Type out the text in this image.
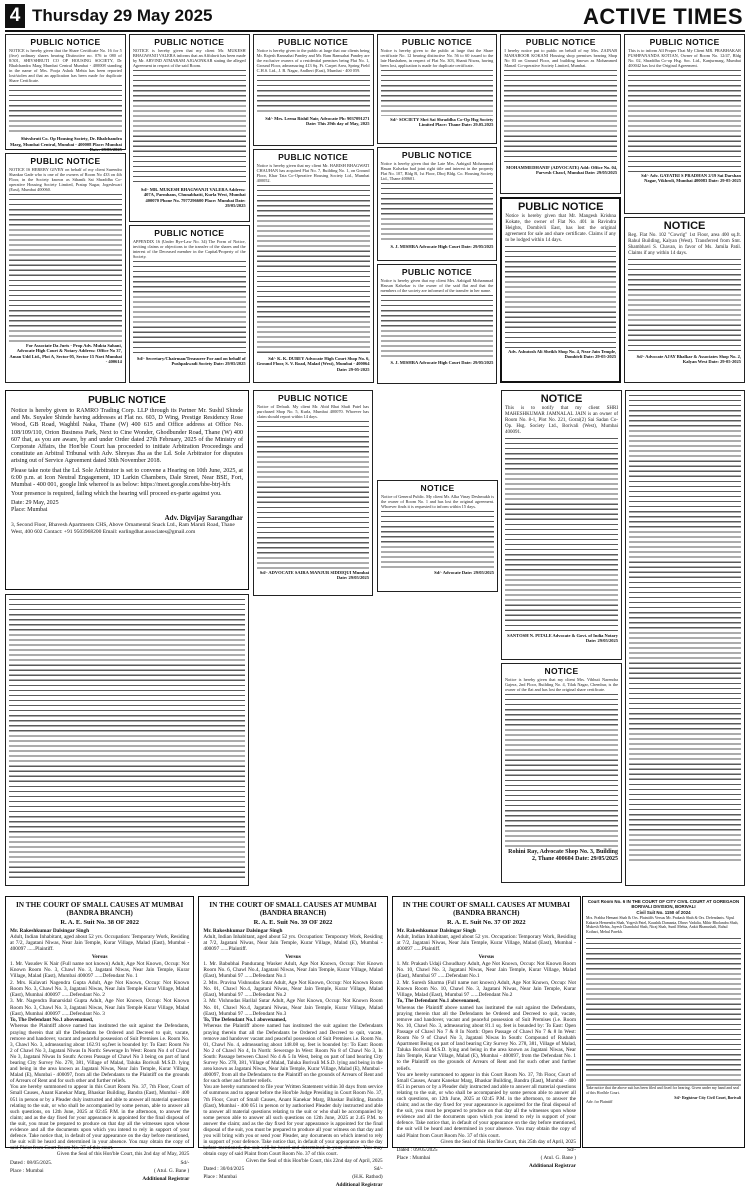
4 Thursday 29 May 2025	ACTIVE TIMES
PUBLIC NOTICE
NOTICE is hereby given that the Share Certificate No. 16 for 5 (five) ordinary shares bearing Distinctive no. 076 to 080 of 8/301, SHIVSHRUTI CO OP HOUSING SOCIETY, Dr Bhalchandra Marg Mumbai Central Mumbai - 400008 standing in the name of Mrs. Pooja Ashok Mehta has been reported lost/stolen and that an application has been made for duplicate Share Certificate.
Shivshruti Co. Op Housing Society, Dr. Bhalchandra Marg, Mumbai Central, Mumbai - 400008 Place: Mumbai Date: 29/05/2025
PUBLIC NOTICE
NOTICE IS HEREBY GIVEN on behalf of my client Surendra Shankar Gade who is one of the owners of Room No 433 on 4th Floor, in the Society known as Sthanik Sai Shraddha Co-operative Housing Society Limited, Pratap Nagar, Jogeshwari (East), Mumbai 400060.
For Associate Da Juris - Prop Adv. Mukta Sahani, Advocate High Court & Notary Address: Office No 37, Aman Udd Ltd., Plot A, Sector 05, Sector 15 Navi Mumbai - 400614
PUBLIC NOTICE
NOTICE is hereby given that my client Mr. MUKESH BHAGWANJI VALERA informs that an Affidavit has been made by Mr. ARVIND ATMARAM AJGAONKAR stating the alleged Agreement in respect of the said Room.
Sd/- MR. MUKESH BHAGWANJI VALERA Address: 407A, Parmhans, Chunabhatti, Kurla West, Mumbai 400070 Phone No. 7977296600 Place: Mumbai Date: 29/05/2025
PUBLIC NOTICE
APPENDIX 16 (Under Bye-Law No. 34) The Form of Notice, inviting claims or objections to the transfer of the shares and the interest of the Deceased member in the Capital/Property of the Society.
Sd/- Secretary/Chairman/Treasurer For and on behalf of Pushpakwadi Society Date: 29/05/2025
PUBLIC NOTICE
Notice is hereby given to the public at large that our clients being Mr. Rajesh Ramsahai Pandey and Mr. Ram Ramsahai Pandey are the exclusive owners of a residential premises being Flat No. 1, Ground Floor, admeasuring 413 Sq. Ft. Carpet Area, Spring Field C.H.S. Ltd., J. B. Nagar, Andheri (East), Mumbai - 400 059.
Sd/- Mrs. Leena Rishil Nair, Advocate Ph: 9037091271 Date: This 29th day of May, 2025
PUBLIC NOTICE
Notice is hereby given that my client Mr. HARISH BHAGWATI CHAUHAN has acquired Flat No. 7, Building No. 1, on Ground Floor, Khar Tata Co-Operative Housing Society Ltd., Mumbai 400052.
Sd/- K. K. DUBEY Advocate High Court Shop No. 6, Ground Floor, S. V. Road, Malad (West), Mumbai - 400064 Date: 29-05-2025
PUBLIC NOTICE
Notice is hereby given to the public at large that the Share certificate No. 12 bearing distinctive No. 56 to 60 issued to the late Harshaben, in respect of Flat No. 303, Shanti Niwas, having been lost, application is made for duplicate certificate.
Sd/- SOCIETY Shri Sai Shraddha Co-Op Hsg Society Limited Place: Thane Date: 29.05.2025
PUBLIC NOTICE
Notice is hereby given that the Late Mrs. Aabigail Mohammad Hasan Kalsekar had joint right title and interest in the property Flat No. 107, Bldg B, 1st Floor, Dhoj Bldg. Co. Housing Society Ltd., Thane 400601.
S. J. MISHRA Advocate High Court Date: 29/05/2025
PUBLIC NOTICE
Notice is hereby given that my client Mrs. Aabigail Mohammad Hassan Kalsekar is the owner of the said flat and that the members of the society are informed of the transfer in her name.
S. J. MISHRA Advocate High Court Date: 29/05/2025
PUBLIC NOTICE
I hereby notice put to public on behalf of my Mrs. ZAINAB MAHABOOB KOKANI Housing shop premises bearing Shop No 03 on Ground Floor, and building known as Mohammed Manzil Co-operative Society Limited, Mumbai.
MOHAMMEDHANIF (ADVOCATE) Add: Office No. 04, Parvesh Chawl, Mumbai Date: 29/05/2025
PUBLIC NOTICE
Notice is hereby given that Mr. Mangesh Krishna Kokate, the owner of Flat No. 401 in Ravindra Heights, Dombivli East, has lost the original agreement for sale and share certificate. Claims if any to be lodged within 14 days.
Adv. Ashutosh Ali Sheikh Shop No. 4, Near Jain Temple, Dombivli Date: 29-05-2025
PUBLIC NOTICE
This is to inform All Proper That My Client MR. PRABHAKAR PUSHPANANDA KOTIAN, Owner of Room No. 12/47, Bldg No. 02, Shraddha Co-op Hsg. Soc. Ltd., Kanjurmarg, Mumbai 400042 has lost the Original Agreement.
Sd/- Adv. GAYATRI S PRADHAN 2/19 Sai Darshan Nagar, Vikhroli, Mumbai 400083 Date: 29-05-2025
NOTICE
Reg. Flat No. 102 "Cowrig" 1st Floor, area 400 sq.ft. Rahul Building, Kalyan (West). Transferred from Smt. Shambhavi S. Chavan, in favor of Ms. Jamila Patil. Claims if any within 14 days.
Sd/- Advocate AJAY Bhalkar & Associates Shop No. 2, Kalyan West Date: 29-05-2025
PUBLIC NOTICE

Notice is hereby given to RAMRO Trading Corp. LLP through its Partner Mr. Sushil Shinde and Ms. Suyalee Shinde having addresses at Flat no. 603, D Wing, Prestige Residency Rose Wood, GB Road, Waghbil Naka, Thane (W) 400 615 and Office address at Office No. 108/109/110, Orion Business Park, Next to Cine Wonder, Ghodbunder Road, Thane (W) 400 607 that, as you are aware, by and under Order dated 27th February, 2025 of the Ministry of Corporate Affairs, the Hon'ble Court has proceeded to initiate Arbitration Proceedings and constitute an Arbitral Tribunal with Adv. Shreyas Jha as the Ld. Sole Arbitrator for disputes arising out of Service Agreement dated 30th November 2018.

Please take note that the Ld. Sole Arbitrator is set to convene a Hearing on 10th June, 2025, at 6:00 p.m. at Icon Neutral Engagement, 1D Larkin Chambers, Dale Street, Near BSE, Fort, Mumbai - 400 001, google link whereof is as below: https://meet.google.com/hbe-btrj-hfx

Your presence is required, failing which the hearing will proceed ex-parte against you.

Date: 29 May, 2025
Place: Mumbai
Adv. Digvijay Sarangdhar
3, Second Floor, Bhavesh Apartments CHS, Above Ornamental Snack Ltd., Ram Maruti Road, Thane West, 400 602 Contact: +91 9503968200 Email: earlingdhat.associates@gmail.com
PUBLIC NOTICE
Notice of Default. My client Mr. Abid Bhai Shafi Patel has purchased Shop No. 5, Kurla, Mumbai 400070. Whoever has claim should report within 14 days.
Sd/- ADVOCATE SAIRA MANJUR SIDDIQUI Mumbai Date: 29/05/2025
NOTICE
Notice of General Public. My client Mr. Alka Vinay Deshmukh is the owner of Room No. 1 and has lost the original agreement. Whoever finds it is requested to inform within 15 days.
Sd/- Advocate Date: 29/05/2025
NOTICE
This is to notify that my client SHRI MAHESHKUMAR JAMNALAL JAIN is an owner of Room No. 8-1, Plot No. 221, Gorai(2) Sai Sadan Co-Op. Hsg. Society Ltd., Borivali (West), Mumbai 400091.
SANTOSH N. PITALE Advocate & Govt. of India Notary Date: 29/05/2025
NOTICE
Notice is hereby given that my client Mrs. Vibhuti Narendra Gajera, 2nd Floor, Building No. 4, Tilak Nagar, Chembur, is the owner of the flat and has lost the original share certificate.
Rohini Ray, Advocate Shop No. 3, Building 2, Thane 400604 Date: 29/05/2025
IN THE COURT OF SMALL CAUSES AT MUMBAI
(BANDRA BRANCH)
R. A. E. Suit No. 38 OF 2022

Mr. Rakeshkumar Dalsingar Singh

Adult, Indian Inhabitant, aged about 52 yrs. Occupation: Temporary Work, Residing at 7/2, Jagatani Niwas, Near Jain Temple, Kurar Village, Malad (East), Mumbai - 400097 ......Plaintiff.

Versus

1. Mr. Vasudev K Nair (Full name not known) Adult, Age Not Known, Occup: Not Known Room No. 3, Chawl No. 3, Jagatani Niwas, Near Jain Temple, Kurar Village, Malad (East), Mumbai 400097 ......Defendant No. 1

2. Mrs. Kalavati Nagendra Gupta Adult, Age Not Known, Occup: Not Known Room No. 3, Chawl No. 3, Jagatani Niwas, Near Jain Temple Kurar Village, Malad (East), Mumbai 400097 ......Defendant No. 2

3. Mr. Nagendra Banarsidal Gupta Adult, Age Not Known, Occup: Not Known Room No. 3, Chawl No. 3, Jagatani Niwas, Near Jain Temple Kurar Village, Malad (East), Mumbai 400097 ......Defendant No. 3

To, The Defendant No.1 abovenamed,

Whereas the Plaintiff above named has instituted the suit against the Defendants, praying therein that all the Defendants be Ordered and Decreed to quit, vacate, remove and handover, vacant and peaceful possession of Suit Premises i.e. Room No. 3, Chawl No. 3, admeasuring about 162.91 sq.feet is bounded by: To East: Room No 2 of Chawl No 3, Jagatani Niwas In North: Sewerage In West: Room No 4 of Chawl No 3, Jagatani Niwas In South: Access Passage of Chawl No 3 being on part of land bearing City Survey No. 278, 381, Village of Malad, Taluka Borivali M.S.D. lying and being in the area known as Jagatani Niwas, Near Jain Temple, Kurar Village, Malad (E), Mumbai - 400097, from all the Defendants to the Plaintiff on the grounds of Arrears of Rent and for such other and further reliefs.

You are hereby summoned to appear in this Court Room No. 37, 7th Floor, Court of Small Causes, Anant Kanekar Marg, Bhaskar Building, Bandra (East), Mumbai - 400 051 in person or by a Pleader duly instructed and able to answer all material questions relating to the suit, or who shall be accompanied by some person, able to answer all such questions, on 12th June, 2025 at 02:45 P.M. in the afternoon, to answer the claim; and as the day fixed for your appearance is appointed for the final disposal of the suit, you must be prepared to produce on that day all the witnesses upon whose evidence and all the documents upon which you intend to rely in support of your defence. Take notice that, in default of your appearance on the day before mentioned, the suit will be heard and determined in your absence. You may obtain the copy of said Plaint from Court Room No. 37 of this court.

Given the Seal of this Hon'ble Court, this 2nd day of May, 2025

Dated : 08/05/2025.	Sd/-
Place : Mumbai	( Atul. G. Bane )
Additional Registrar
IN THE COURT OF SMALL CAUSES AT MUMBAI
(BANDRA BRANCH)
R. A. E. Suit No. 39 OF 2022

Mr. Rakeshkumar Dalsingar Singh

Adult, Indian Inhabitant, aged about 52 yrs. Occupation: Temporary Work, Residing at 7/2, Jagatani Niwas, Near Jain Temple, Kurar Village, Malad (E), Mumbai - 400097 ......Plaintiff.

Versus

1. Mr. Babubhai Pandurang Wasker Adult, Age Not Known, Occup: Not Known Room No. 6, Chawl No.4, Jagatani Niwas, Near Jain Temple, Kurar Village, Malad (East), Mumbai 97 ......Defendant No.1

2. Mrs. Pravina Vishnudas Sutar Adult, Age Not Known, Occup: Not Known Room No. 01, Chawl No.4, Jagatani Niwas, Near Jain Temple, Kurar Village, Malad (East), Mumbai 97 ......Defendant No.2

3. Mr. Vishnudas Harilal Sutar Adult, Age Not Known, Occup: Not Known Room No. 01, Chawl No.4, Jagatani Niwas, Near Jain Temple, Kurar Village, Malad (East), Mumbai 97 ......Defendant No.3

To, The Defendant No.1 abovenamed,

Whereas the Plaintiff above named has instituted the suit against the Defendants praying therein that all the Defendants be Ordered and Decreed to quit, vacate, remove and handover vacant and peaceful possession of Suit Premises i.e. Room No. 01, Chawl No. 4, admeasuring about 148.08 sq. feet is bounded by: To East: Room No 2 of Chawl No 4, In North: Sewerage In West: Room No 8 of Chawl No 3, In South: Passage between Chawl No 4 & 5 In West, being on part of land bearing City Survey No. 278, 381, Village of Malad, Taluka Borivali M.S.D. lying and being in the area known as Jagatani Niwas, Near Jain Temple, Kurar Village, Malad (E), Mumbai - 400097, from all the Defendants to the Plaintiff on the grounds of Arrears of Rent and for such other and further reliefs.

You are hereby summoned to file your Written Statement within 30 days from service of summons and to appear before the Hon'ble Judge Presiding in Court Room No. 37, 7th Floor, Court of Small Causes, Anant Kanekar Marg, Bhaskar Building, Bandra (East), Mumbai - 400 051 in person or by authorised Pleader duly instructed and able to answer all material questions relating to the suit or who shall be accompanied by some person able to answer all such questions on 12th June, 2025 at 2.45 P.M. to answer the claim; and as the day fixed for your appearance is appointed for the final disposal of the suit, you must be prepared to produce all your witness on that day and you will bring with you or send your Pleader, any documents on which intend to rely in support of your defence. Take notice that, in default of your appearance on the day before mentioned, the suit will be heard and determined in your absence. You may obtain copy of said Plaint from Court Room No. 37 of this court.

Given the Seal of this Hon'ble Court, this 22nd day of April, 2025

Dated : 30/04/2025	Sd/-
Place : Mumbai	(H.K. Rathod)
Additional Registrar
IN THE COURT OF SMALL CAUSES AT MUMBAI
(BANDRA BRANCH)
R. A. E. Suit No. 37 OF 2022

Mr. Rakeshkumar Dalsingar Singh

Adult, Indian Inhabitant, aged about 52 yrs. Occupation: Temporary Work, Residing at 7/2, Jagatani Niwas, Near Jain Temple, Kurar Village, Malad (East), Mumbai - 400097 ......Plaintiff.

Versus

1. Mr. Prakash Udaji Choudhary Adult, Age Not Known, Occup: Not Known Room No. 10, Chawl No. 3, Jagatani Niwas, Near Jain Temple, Kurar Village, Malad (East), Mumbai 97 ......Defendant No.1

2. Mr. Suresh Sharma (Full name not known) Adult, Age Not Known, Occup: Not Known Room No. 10, Chawl No. 3, Jagatani Niwas, Near Jain Temple, Kurar Village, Malad (East), Mumbai 97 ......Defendant No.2

To, The Defendant No.1 abovenamed,

Whereas the Plaintiff above named has instituted the suit against the Defendants, praying therein that all the Defendants be Ordered and Decreed to quit, vacate, remove and handover, vacant and peaceful possession of Suit Premises (i.e. Room No. 10, Chawl No. 3, admeasuring about 81.1 sq. feet is bounded by: To East: Open Passage of Chawl No 7 & 8 In North: Open Passage of Chawl No 7 & 8 In West: Room No 9 of Chawl No 3, Jagatani Niwas In South: Compound of Rushabh Apartment Being on part of land bearing City Survey No. 278, 381, Village of Malad, Taluka Borivali M.S.D. lying and being in the area known as Jagatani Niwas, Near Jain Temple, Kurar Village, Malad (E), Mumbai - 400097, from the Defendant No. 1 to the Plaintiff on the grounds of Arrears of Rent and for such other and further reliefs.

You are hereby summoned to appear in this Court Room No. 37, 7th Floor, Court of Small Causes, Anant Kanekar Marg, Bhaskar Building, Bandra (East), Mumbai - 400 051 in person or by a Pleader duly instructed and able to answer all material questions relating to the suit, or who shall be accompanied by some person able to answer all such questions, on 12th June, 2025 at 02:45 P.M. in the afternoon, to answer the claim; and as the day fixed for your appearance is appointed for the final disposal of the suit, you must be prepared to produce on that day all the witnesses upon whose evidence and all the documents upon which you intend to rely in support of your defence. Take notice that, in default of your appearance on the day before mentioned, the suit will be heard and determined in your absence. You may obtain the copy of said Plaint from Court Room No. 37 of this court.

Given the Seal of this Hon'ble Court, this 25th day of April, 2025

Dated : 09/05/2025	Sd/-
Place : Mumbai	( Atul. G. Bane )
Additional Registrar
Court Room No. 6 IN THE COURT OF CITY CIVIL COURT AT GOREGAON BORIVALI DIVISION, BORIVALI
Civil Suit No. 1150 of 2024
Mrs. Prabha Hemant Shah & Ors. Plaintiffs Versus Mr. Prakash Shah & Ors. Defendants. Vipul Kakaria Hemendra Shah, Yogesh Patel, Kaushik Damania, Dhruv Vadalia, Mihir Bholandra Shah, Mukesh Mehta, Jayesh Chandulal Shah, Niraj Shah, Sunil Mehta, Ankit Bhanushali, Rahul Kothari, Mehul Parekh.
Take notice that the above suit has been filed and fixed for hearing. Given under my hand and seal of this Hon'ble Court.
Sd/- Registrar City Civil Court, Borivali
Adv. for Plaintiff
